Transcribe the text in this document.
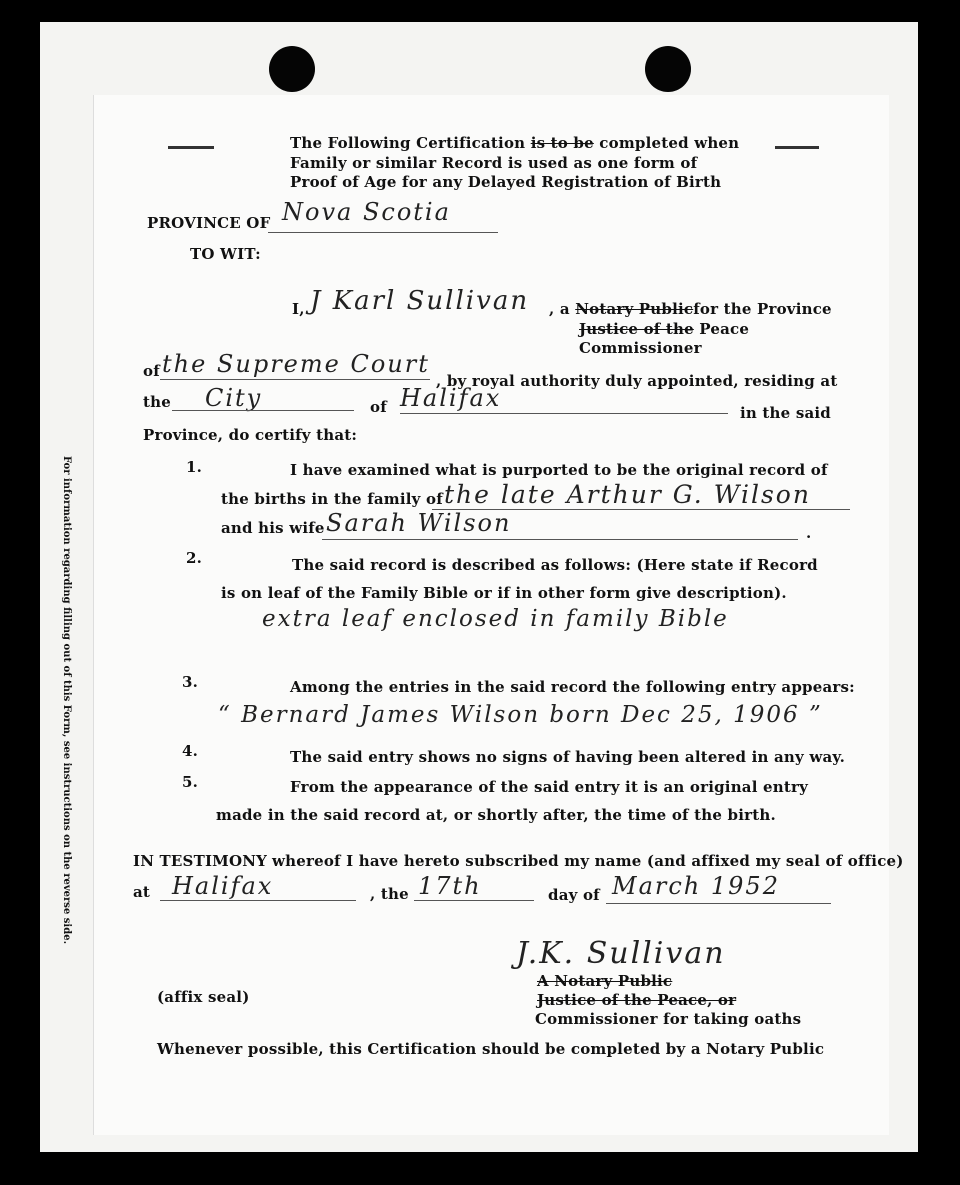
For information regarding filling out of this Form, see instructions on the reverse side.
The Following Certification is to be completed when
Family or similar Record is used as one form of
Proof of Age for any Delayed Registration of Birth
PROVINCE OF Nova Scotia
TO WIT:
I, J Karl Sullivan , a Notary Publicfor the Province
Justice of the Peace
Commissioner
of the Supreme Court
, by royal authority duly appointed, residing at
the City	of Halifax
in the said
Province, do certify that:
1.	I have examined what is purported to be the original record of
the births in the family of the late Arthur G. Wilson
and his wife Sarah Wilson	.
2.	The said record is described as follows: (Here state if Record
is on leaf of the Family Bible or if in other form give description).
extra leaf enclosed in family Bible
3.	Among the entries in the said record the following entry appears:
“ Bernard James Wilson born Dec 25, 1906 ”
4.	The said entry shows no signs of having been altered in any way.
5.	From the appearance of the said entry it is an original entry
made in the said record at, or shortly after, the time of the birth.
IN TESTIMONY whereof I have hereto subscribed my name (and affixed my seal of office)
at Halifax	, the 17th	day of March 1952
J.K. Sullivan
A Notary Public
Justice of the Peace, or
Commissioner for taking oaths
(affix seal)
Whenever possible, this Certification should be completed by a Notary Public
